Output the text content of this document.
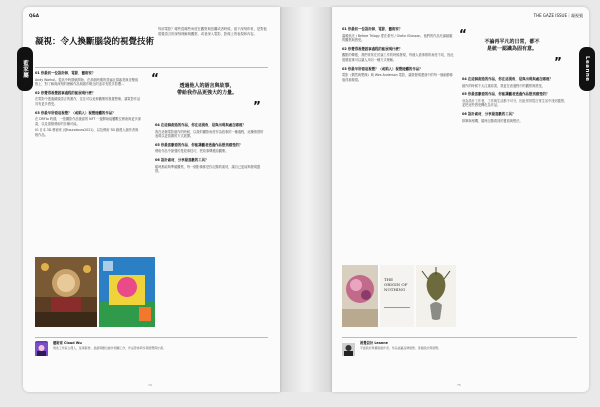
Q&A
藍家屬
凝視：令人換斷腦袋的視覺技術
每部電影？哪些從哪些角度在觀察與拍攝或者時候，留下深刻印象，是對他視覺語言的深刻理解與觀察，或者深入電影，影像上的表現和內容。
01 你最初一位設計師．電影．藝術家？
Andy Warhol。從高中時期就開始，在那個時期的普遍社群審美與音樂風格上，對了解與深刻的理解作品與創作概念的追求有很多影響...
02 你覺得視覺敘事過程的能展現什麼？
在電影中透過鏡頭語言的運作，往往可以延伸觀眾的視覺想像，讓電影作品具有更多感受。
03 你最早所看這視覺？（或陷入）視覺接觸的作品？
在 DRFto 時期，一張攝影作品後面的 NFT 一邊開始接觸數位藝術與更多探索，以及視覺藝術的各種可能。
IG 日本 3D 藝術家 (@taurotauro2021)，以及藝術 3D 動漫人創作者與相作品。
“
透過他人的語言與故事，
帶給我作品更強大的力量。
”
04 在這個創造的作品，你在這視角．是與出現與處在哪裡？
我在這個電影創作的時候，以我的攝影角度作為敘事的一種過程，這種情感的表現以更寬廣的方式展開。
05 你最喜歡看的作品．你能讓觀者透過作品想到感受的？
藝術作品中最強的是敘事技巧，把故事傳遞給觀眾。
06 設計素材．分享最喜歡的工具？
隨時都能夠準確觀察，每一個影像都是你記錄的素材，讓自己更能夠發現靈感。
藝術家 Cloud Wu
現為工作室主理人，從事影像、插畫與數位創作相關工作，作品曾參與多項展覽與計畫。
74
THE GAZE ISSUE｜凝視號
Leanne
01 你最初一位設計師．電影．藝術家？
溫暖風光 / Before Trilogy 愛在系列 / Olafur Eliasson，他們的作品充滿細膩的觀察與感受。
02 你覺得視覺敘事過程的能展現什麼？
觀點的傳遞，我們常常在討論工作的時候發現，每個人看事情的角度不同，因此視覺敘事可以讓人用另一種方式理解。
03 你最早所看這視覺？（或陷入）視覺接觸的作品？
電影《偶然與想像》與 Wes Anderson 電影，讓我發現畫面中的每一個細節都值得被凝視。
“
不論再平凡的日常，都不
是統一認識為固有意。
”
04 在這個創造的作品，你在這視角．是與出現與處在哪裡？
創作的時候不太注重結果，我更在意過程中的觀察與感受。
05 你最喜歡看的作品．你能讓觀者透過作品想到感受的？
身為設計工作者，工作與生活都不可分，因此常常從日常生活中找到靈感，並把這些感受轉化為作品。
06 設計素材．分享最喜歡的工具？
紙筆與相機，隨時記錄看到的畫面與想法。
THE ORIGIN OF NOTHING
視覺設計 Leanne
平面設計與藝術創作者，作品涵蓋品牌視覺、書籍設計與展覽。
75
